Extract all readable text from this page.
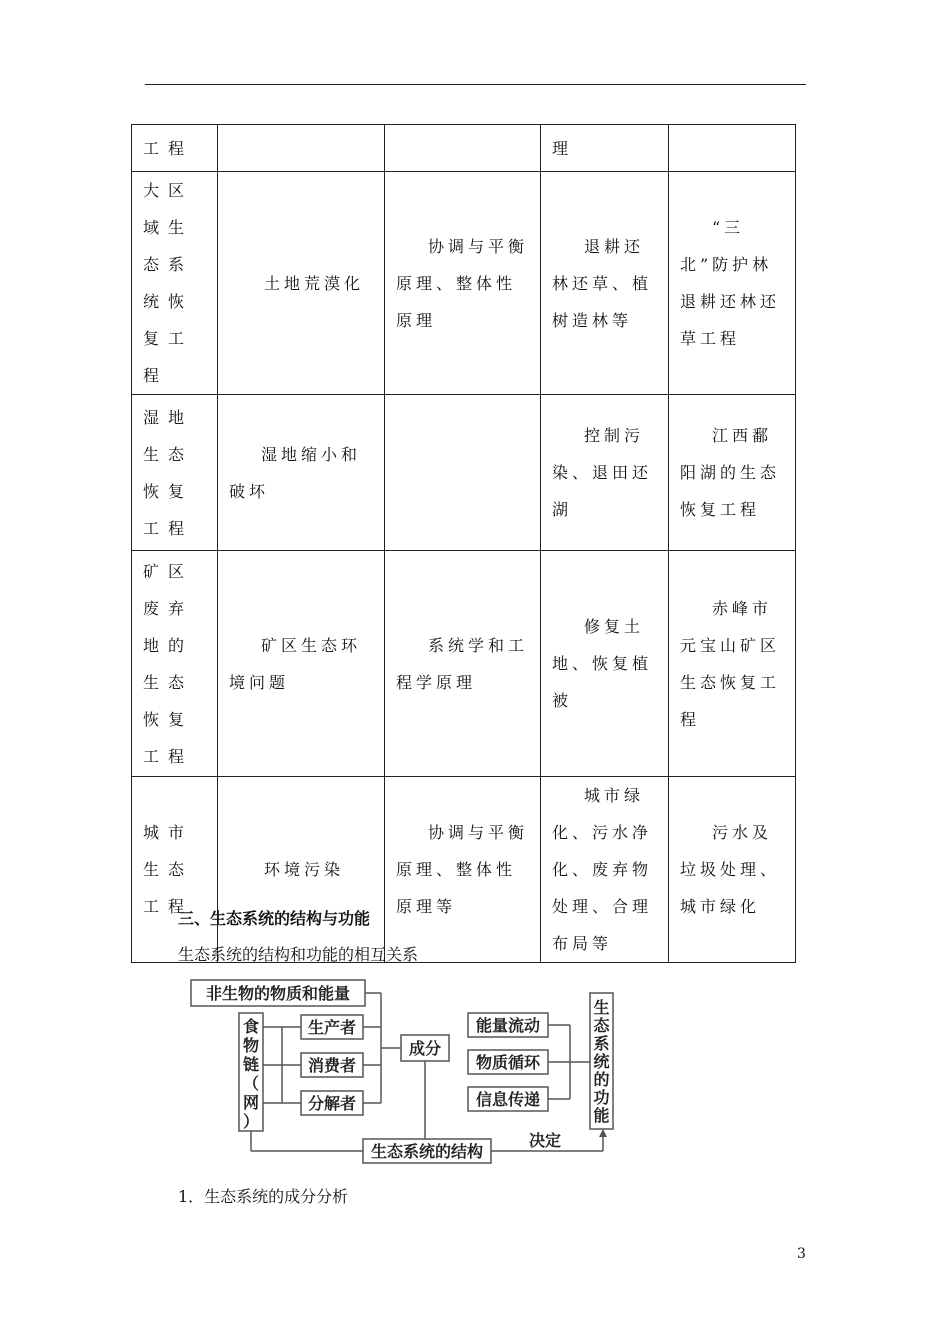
工程			理	
大区域生态系统恢复工程	土地荒漠化	协调与平衡原理、整体性原理	退耕还林还草、植树造林等	“三北”防护林退耕还林还草工程
湿地生态恢复工程	湿地缩小和破坏		控制污染、退田还湖	江西鄱阳湖的生态恢复工程
矿区废弃地的生态恢复工程	矿区生态环境问题	系统学和工程学原理	修复土地、恢复植被	赤峰市元宝山矿区生态恢复工程
城市生态工程	环境污染	协调与平衡原理、整体性原理等	城市绿化、污水净化、废弃物处理、合理布局等	污水及垃圾处理、城市绿化
三、生态系统的结构与功能
生态系统的结构和功能的相互关系
非生物的物质和能量
生产者
消费者
分解者
成分
能量流动
物质循环
信息传递
生态系统的结构
决定
食
物
链
（
网
）
生
态
系
统
的
功
能
1．生态系统的成分分析
3
